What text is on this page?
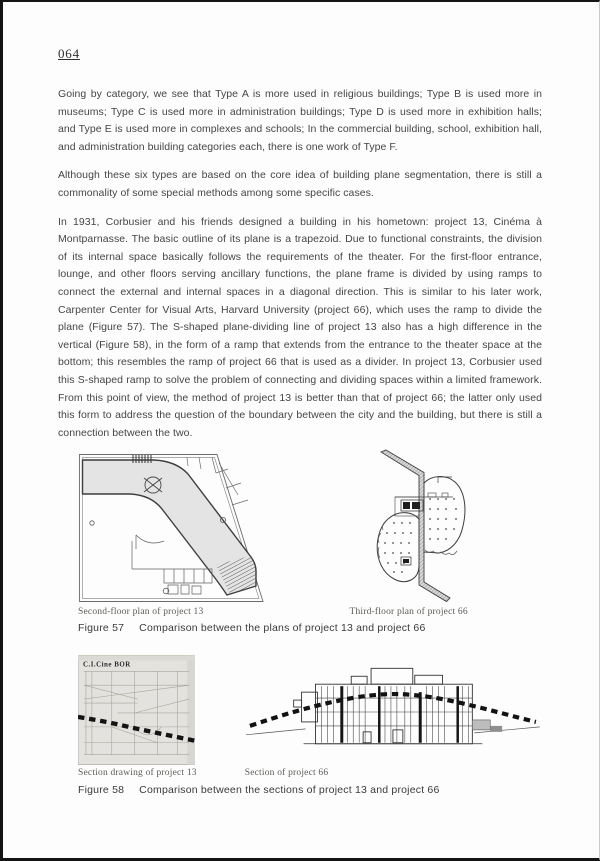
064

Going by category, we see that Type A is more used in religious buildings; Type B is used more in museums; Type C is used more in administration buildings; Type D is used more in exhibition halls; and Type E is used more in complexes and schools; In the commercial building, school, exhibition hall, and administration building categories each, there is one work of Type F.

Although these six types are based on the core idea of building plane segmentation, there is still a commonality of some special methods among some specific cases.

In 1931, Corbusier and his friends designed a building in his hometown: project 13, Cinéma à Montparnasse. The basic outline of its plane is a trapezoid. Due to functional constraints, the division of its internal space basically follows the requirements of the theater. For the first-floor entrance, lounge, and other floors serving ancillary functions, the plane frame is divided by using ramps to connect the external and internal spaces in a diagonal direction. This is similar to his later work, Carpenter Center for Visual Arts, Harvard University (project 66), which uses the ramp to divide the plane (Figure 57). The S-shaped plane-dividing line of project 13 also has a high difference in the vertical (Figure 58), in the form of a ramp that extends from the entrance to the theater space at the bottom; this resembles the ramp of project 66 that is used as a divider. In project 13, Corbusier used this S-shaped ramp to solve the problem of connecting and dividing spaces within a limited framework. From this point of view, the method of project 13 is better than that of project 66; the latter only used this form to address the question of the boundary between the city and the building, but there is still a connection between the two.

Second-floor plan of project 13	Third-floor plan of project 66
Figure 57 Comparison between the plans of project 13 and project 66
C.I.Cine BOR
Section drawing of project 13	Section of project 66
Figure 58 Comparison between the sections of project 13 and project 66
